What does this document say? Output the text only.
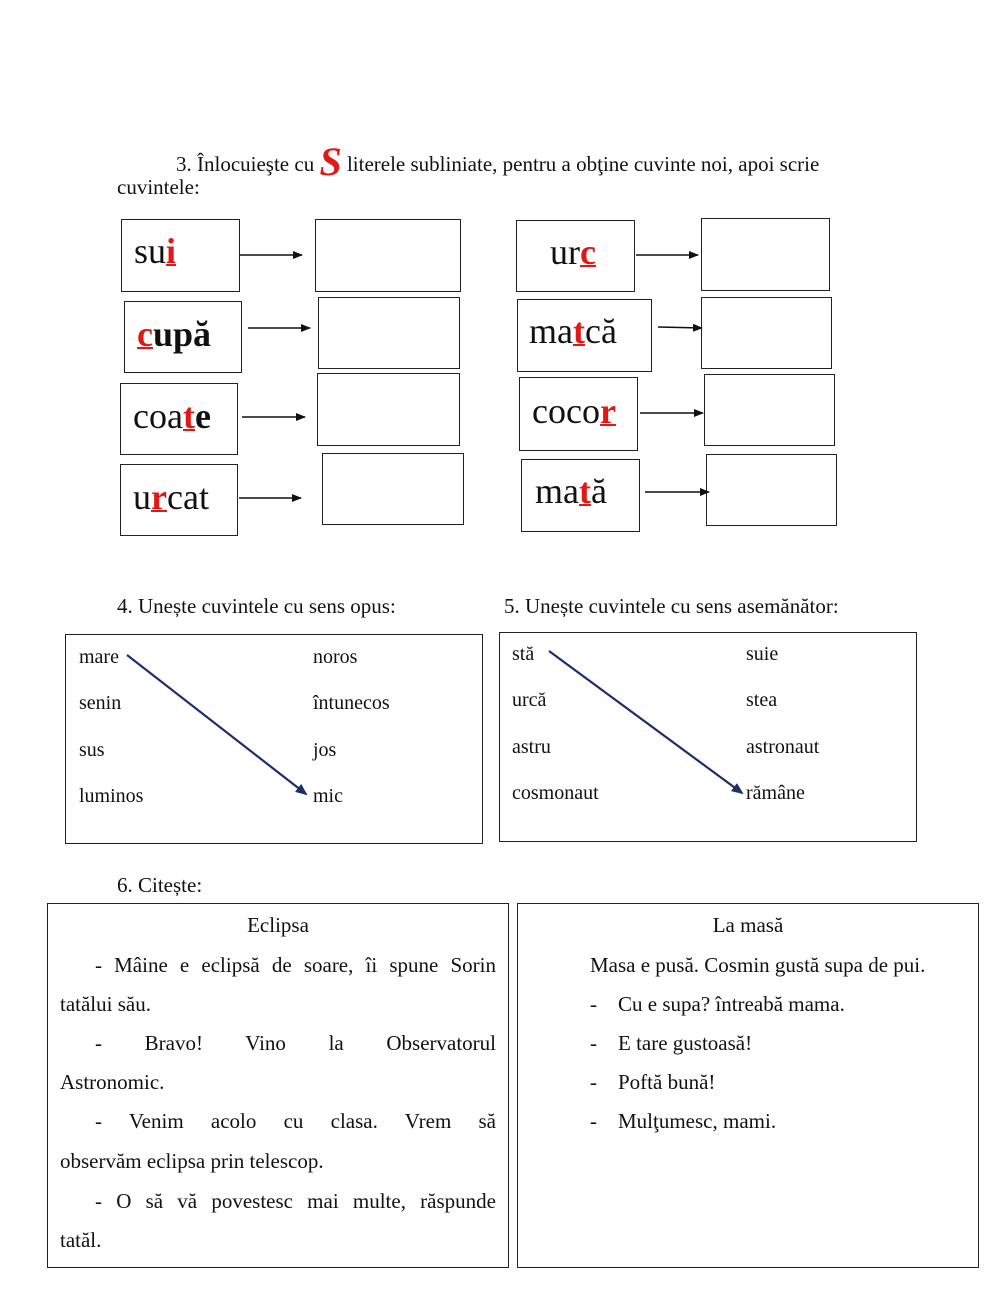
3. Înlocuieşte cu S literele subliniate, pentru a obţine cuvinte noi, apoi scrie
cuvintele:
sui
cupă
coate
urcat
urc
matcă
cocor
mată
4. Unește cuvintele cu sens opus:
mare
senin
sus
luminos
noros
întunecos
jos
mic
5. Unește cuvintele cu sens asemănător:
stă
urcă
astru
cosmonaut
suie
stea
astronaut
rămâne
6. Citește:
Eclipsa
- Mâine e eclipsă de soare, îi spune Sorin
tatălui său.
- Bravo! Vino la Observatorul
Astronomic.
- Venim acolo cu clasa. Vrem să
observăm eclipsa prin telescop.
- O să vă povestesc mai multe, răspunde
tatăl.
La masă
Masa e pusă. Cosmin gustă supa de pui.
- Cu e supa? întreabă mama.
- E tare gustoasă!
- Poftă bună!
- Mulţumesc, mami.
